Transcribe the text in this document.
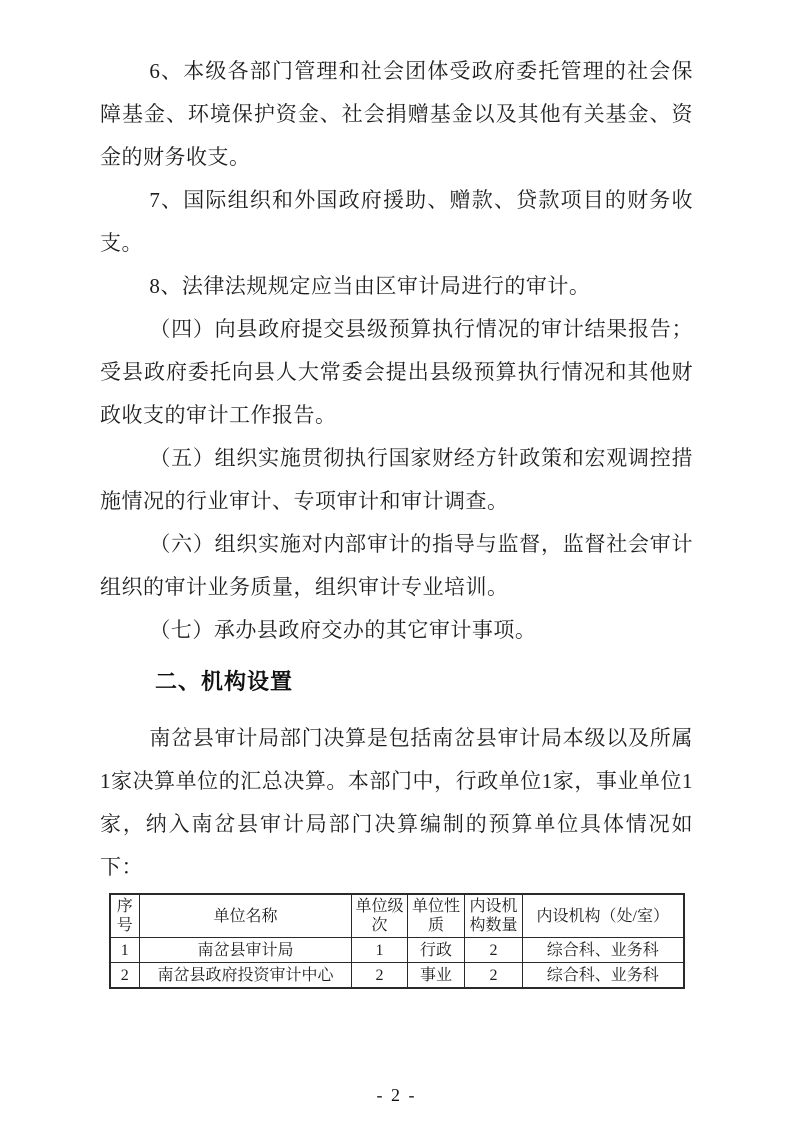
6、本级各部门管理和社会团体受政府委托管理的社会保障基金、环境保护资金、社会捐赠基金以及其他有关基金、资金的财务收支。

7、国际组织和外国政府援助、赠款、贷款项目的财务收支。

8、法律法规规定应当由区审计局进行的审计。

（四）向县政府提交县级预算执行情况的审计结果报告；受县政府委托向县人大常委会提出县级预算执行情况和其他财政收支的审计工作报告。

（五）组织实施贯彻执行国家财经方针政策和宏观调控措施情况的行业审计、专项审计和审计调查。

（六）组织实施对内部审计的指导与监督，监督社会审计组织的审计业务质量，组织审计专业培训。

（七）承办县政府交办的其它审计事项。

二、机构设置

南岔县审计局部门决算是包括南岔县审计局本级以及所属1家决算单位的汇总决算。本部门中，行政单位1家，事业单位1家，纳入南岔县审计局部门决算编制的预算单位具体情况如下：

序号	单位名称	单位级次	单位性质	内设机构数量	内设机构（处/室）
1	南岔县审计局	1	行政	2	综合科、业务科
2	南岔县政府投资审计中心	2	事业	2	综合科、业务科
- 2 -
